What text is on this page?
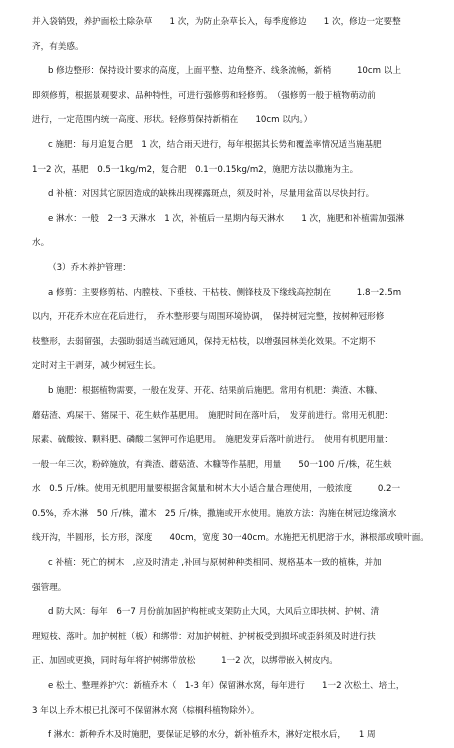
并入袋销毁，养护面松土除杂草　　1 次，为防止杂草长入，每季度修边　　1 次，修边一定要整

齐，有美感。

b 修边整形：保持设计要求的高度，上面平整、边角整齐、线条流畅，新梢　　　10cm 以上

即须修剪，根据景观要求、品种特性，可进行强修剪和轻修剪。　（强修剪一般于植物萌动前

进行，一定范围内统一高度、形状。轻修剪保持新梢在　　10cm 以内。）

c 施肥：每月追复合肥　1 次，结合雨天进行，每年根据其长势和覆盖率情况适当施基肥

1一2 次，基肥　0.5一1kg/m2，复合肥　0.1一0.15kg/m2，施肥方法以撒施为主。

d 补植：对因其它原因造成的缺株出现裸露斑点，须及时补，尽量用盆苗以尽快封行。

e 淋水：一般　2一3 天淋水　1 次，补植后一星期内每天淋水　　1 次，施肥和补植需加强淋

水。

（3）乔木养护管理：

a 修剪：主要修剪枯、内膛枝、下垂枝、干枯枝、侧锋枝及下缘线高控制在　　　1.8一2.5m

以内，开花乔木应在花后进行，　乔木整形要与周围环境协调，　保持树冠完整，按树种冠形修

枝整形，去弱留强，去强助弱适当疏冠通风，保持无枯枝，以增强园林美化效果。不定期不

定时对主干剥芽，减少树冠生长。

b 施肥：根据植物需要，一般在发芽、开花、结果前后施肥。常用有机肥：粪渣、木糠、

蘑菇渣、鸡屎干、猪屎干、花生麸作基肥用。　施肥时间在落叶后，　发芽前进行。常用无机肥：

尿素、硫酸铵、颗料肥、磷酸二氢钾可作追肥用。　施肥发芽后落叶前进行。　使用有机肥用量：

一般一年三次，粉碎施放，有粪渣、蘑菇渣、木糠等作基肥，用量　　50一100 斤/株，花生麸

水　0.5 斤/株。使用无机肥用量要根据含氮量和树木大小适合量合理使用，一般浓度　　　0.2一

0.5%，乔木淋　50 斤/株，灌木　25 斤/株，撒施或开水使用。施放方法：沟施在树冠边缘滴水

线开沟，半圆形，长方形，深度　　40cm，宽度 30一40cm。水施把无机肥溶于水，淋根部或喷叶面。

c 补植：死亡的树木　,应及时清走 ,补回与原树种种类相同、规格基本一致的植株，并加

强管理。

d 防大风：每年　6一7 月份前加固护构桩或支架防止大风，大风后立即扶树、护树、清

理短枝、落叶。加护树桩（板）和绑带：对加护树桩、护树板受到损坏或歪斜须及时进行扶

正、加固或更换，同时每年将护树绑带放松　　　1一2 次，以绑带嵌入树皮内。

e 松土、整理养护穴：新植乔木（　1-3 年）保留淋水窝，每年进行　　1一2 次松土、培土，

3 年以上乔木根已扎深可不保留淋水窝（棕榈科植物除外）。

f 淋水：新种乔木及时施肥，要保证足够的水分，新补植乔木，淋好定根水后，　　1 周
